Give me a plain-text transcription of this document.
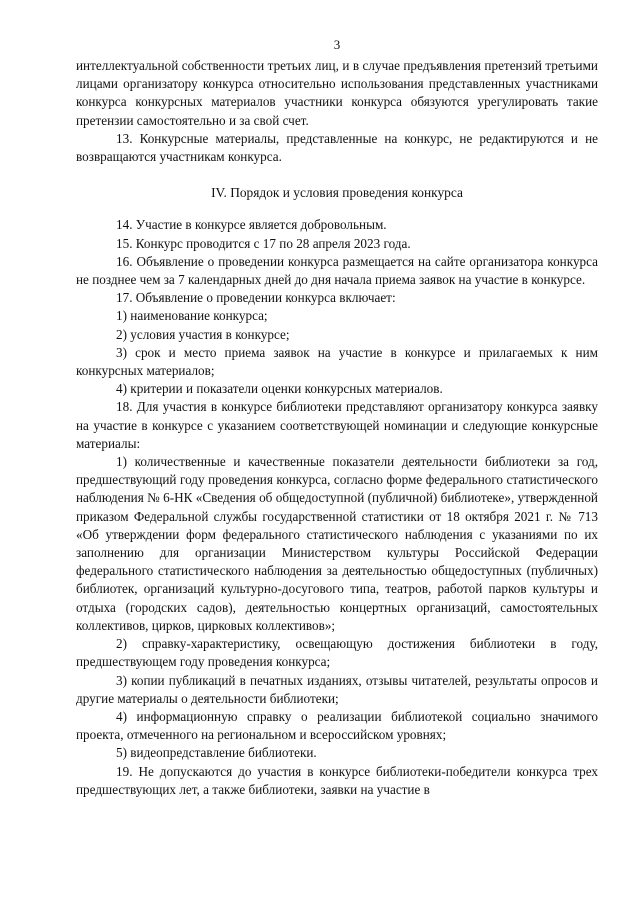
3

интеллектуальной собственности третьих лиц, и в случае предъявления претензий третьими лицами организатору конкурса относительно использования представленных участниками конкурса конкурсных материалов участники конкурса обязуются урегулировать такие претензии самостоятельно и за свой счет.

13. Конкурсные материалы, представленные на конкурс, не редактируются и не возвращаются участникам конкурса.

IV. Порядок и условия проведения конкурса

14. Участие в конкурсе является добровольным.

15. Конкурс проводится с 17 по 28 апреля 2023 года.

16. Объявление о проведении конкурса размещается на сайте организатора конкурса не позднее чем за 7 календарных дней до дня начала приема заявок на участие в конкурсе.

17. Объявление о проведении конкурса включает:

1) наименование конкурса;

2) условия участия в конкурсе;

3) срок и место приема заявок на участие в конкурсе и прилагаемых к ним конкурсных материалов;

4) критерии и показатели оценки конкурсных материалов.

18. Для участия в конкурсе библиотеки представляют организатору конкурса заявку на участие в конкурсе с указанием соответствующей номинации и следующие конкурсные материалы:

1) количественные и качественные показатели деятельности библиотеки за год, предшествующий году проведения конкурса, согласно форме федерального статистического наблюдения № 6-НК «Сведения об общедоступной (публичной) библиотеке», утвержденной приказом Федеральной службы государственной статистики от 18 октября 2021 г. № 713 «Об утверждении форм федерального статистического наблюдения с указаниями по их заполнению для организации Министерством культуры Российской Федерации федерального статистического наблюдения за деятельностью общедоступных (публичных) библиотек, организаций культурно-досугового типа, театров, работой парков культуры и отдыха (городских садов), деятельностью концертных организаций, самостоятельных коллективов, цирков, цирковых коллективов»;

2) справку-характеристику, освещающую достижения библиотеки в году, предшествующем году проведения конкурса;

3) копии публикаций в печатных изданиях, отзывы читателей, результаты опросов и другие материалы о деятельности библиотеки;

4) информационную справку о реализации библиотекой социально значимого проекта, отмеченного на региональном и всероссийском уровнях;

5) видеопредставление библиотеки.

19. Не допускаются до участия в конкурсе библиотеки-победители конкурса трех предшествующих лет, а также библиотеки, заявки на участие в
